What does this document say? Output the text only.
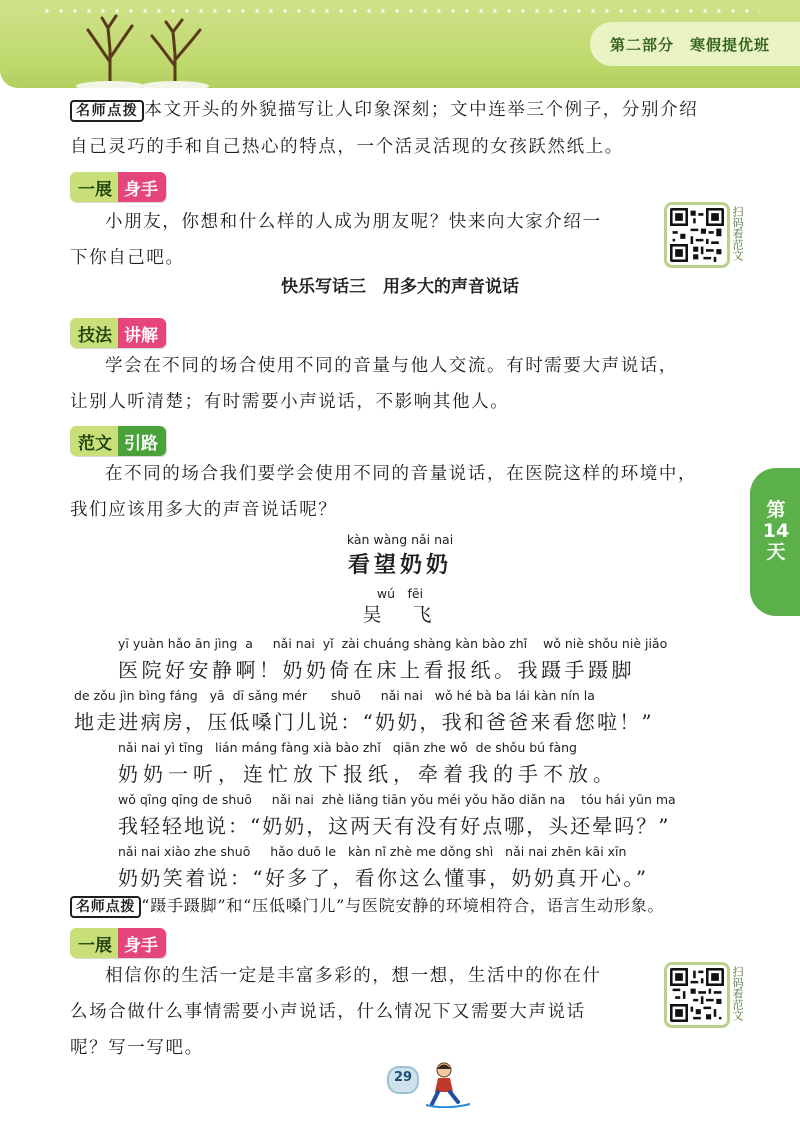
第二部分　寒假提优班
名师点拨 本文开头的外貌描写让人印象深刻；文中连举三个例子，分别介绍
自己灵巧的手和自己热心的特点，一个活灵活现的女孩跃然纸上。
一展 身手
小朋友，你想和什么样的人成为朋友呢？快来向大家介绍一
下你自己吧。	扫码看范文
快乐写话三　用多大的声音说话
技法 讲解
学会在不同的场合使用不同的音量与他人交流。有时需要大声说话，
让别人听清楚；有时需要小声说话，不影响其他人。
范文 引路
在不同的场合我们要学会使用不同的音量说话，在医院这样的环境中，
我们应该用多大的声音说话呢？
kàn wàng nǎi nai
看望奶奶
wú　fēi
吴　飞
yī yuàn hǎo ān jìng  a     nǎi nai  yǐ  zài chuáng shàng kàn bào zhǐ    wǒ niè shǒu niè jiǎo
医院好安静啊！奶奶倚在床上看报纸。我蹑手蹑脚
de zǒu jìn bìng fáng   yā  dī sǎng mér      shuō     nǎi nai   wǒ hé bà ba lái kàn nín la
地走进病房，压低嗓门儿说：“奶奶，我和爸爸来看您啦！”
nǎi nai yì tīng   lián máng fàng xià bào zhǐ   qiān zhe wǒ  de shǒu bú fàng
奶奶一听，连忙放下报纸，牵着我的手不放。
wǒ qīng qīng de shuō     nǎi nai  zhè liǎng tiān yǒu méi yǒu hǎo diǎn na    tóu hái yūn ma
我轻轻地说：“奶奶，这两天有没有好点哪，头还晕吗？”
nǎi nai xiào zhe shuō     hǎo duō le   kàn nǐ zhè me dǒng shì   nǎi nai zhēn kāi xīn
奶奶笑着说：“好多了，看你这么懂事，奶奶真开心。”
名师点拨 “蹑手蹑脚”和“压低嗓门儿”与医院安静的环境相符合，语言生动形象。
一展 身手
相信你的生活一定是丰富多彩的，想一想，生活中的你在什
么场合做什么事情需要小声说话，什么情况下又需要大声说话
呢？写一写吧。
扫码看范文
第
14
天
29
